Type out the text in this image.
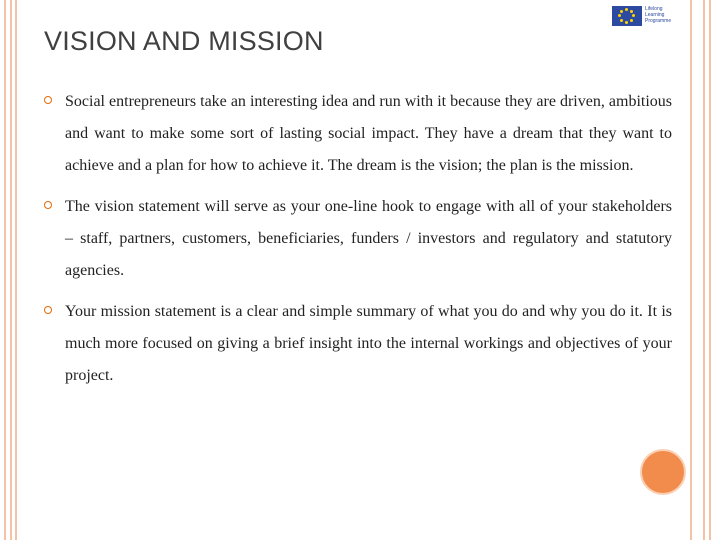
Lifelong Learning Programme
VISION AND MISSION
Social entrepreneurs take an interesting idea and run with it because they are driven, ambitious and want to make some sort of lasting social impact. They have a dream that they want to achieve and a plan for how to achieve it. The dream is the vision; the plan is the mission.
The vision statement will serve as your one-line hook to engage with all of your stakeholders – staff, partners, customers, beneficiaries, funders / investors and regulatory and statutory agencies.
Your mission statement is a clear and simple summary of what you do and why you do it. It is much more focused on giving a brief insight into the internal workings and objectives of your project.
